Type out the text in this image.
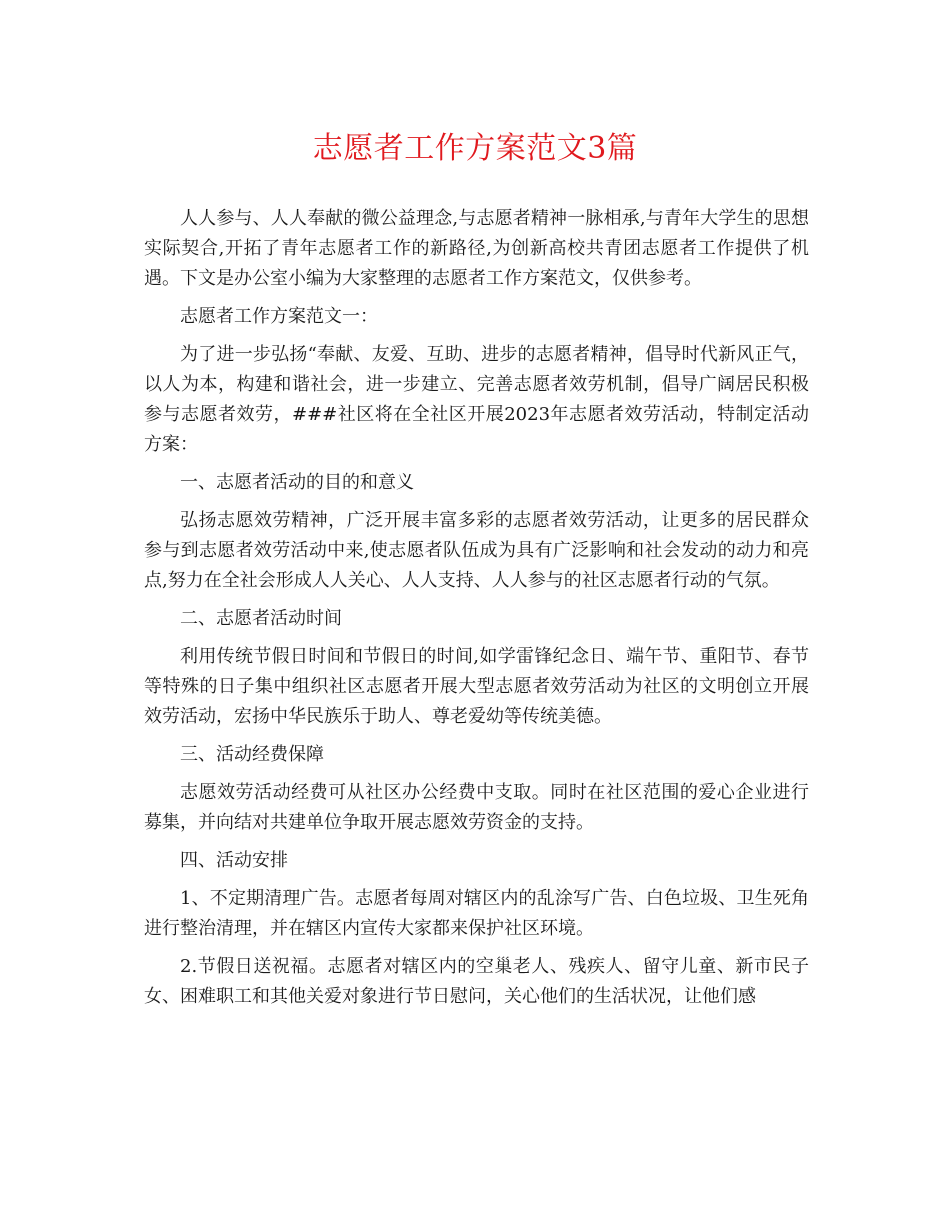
志愿者工作方案范文3篇

人人参与、人人奉献的微公益理念,与志愿者精神一脉相承,与青年大学生的思想实际契合,开拓了青年志愿者工作的新路径,为创新高校共青团志愿者工作提供了机遇。下文是办公室小编为大家整理的志愿者工作方案范文，仅供参考。

志愿者工作方案范文一：

为了进一步弘扬“奉献、友爱、互助、进步的志愿者精神，倡导时代新风正气，以人为本，构建和谐社会，进一步建立、完善志愿者效劳机制，倡导广阔居民积极参与志愿者效劳，###社区将在全社区开展2023年志愿者效劳活动，特制定活动方案：

一、志愿者活动的目的和意义

弘扬志愿效劳精神，广泛开展丰富多彩的志愿者效劳活动，让更多的居民群众参与到志愿者效劳活动中来,使志愿者队伍成为具有广泛影响和社会发动的动力和亮点,努力在全社会形成人人关心、人人支持、人人参与的社区志愿者行动的气氛。

二、志愿者活动时间

利用传统节假日时间和节假日的时间,如学雷锋纪念日、端午节、重阳节、春节等特殊的日子集中组织社区志愿者开展大型志愿者效劳活动为社区的文明创立开展效劳活动，宏扬中华民族乐于助人、尊老爱幼等传统美德。

三、活动经费保障

志愿效劳活动经费可从社区办公经费中支取。同时在社区范围的爱心企业进行募集，并向结对共建单位争取开展志愿效劳资金的支持。

四、活动安排

1、不定期清理广告。志愿者每周对辖区内的乱涂写广告、白色垃圾、卫生死角进行整治清理，并在辖区内宣传大家都来保护社区环境。

2.节假日送祝福。志愿者对辖区内的空巢老人、残疾人、留守儿童、新市民子女、困难职工和其他关爱对象进行节日慰问，关心他们的生活状况，让他们感
